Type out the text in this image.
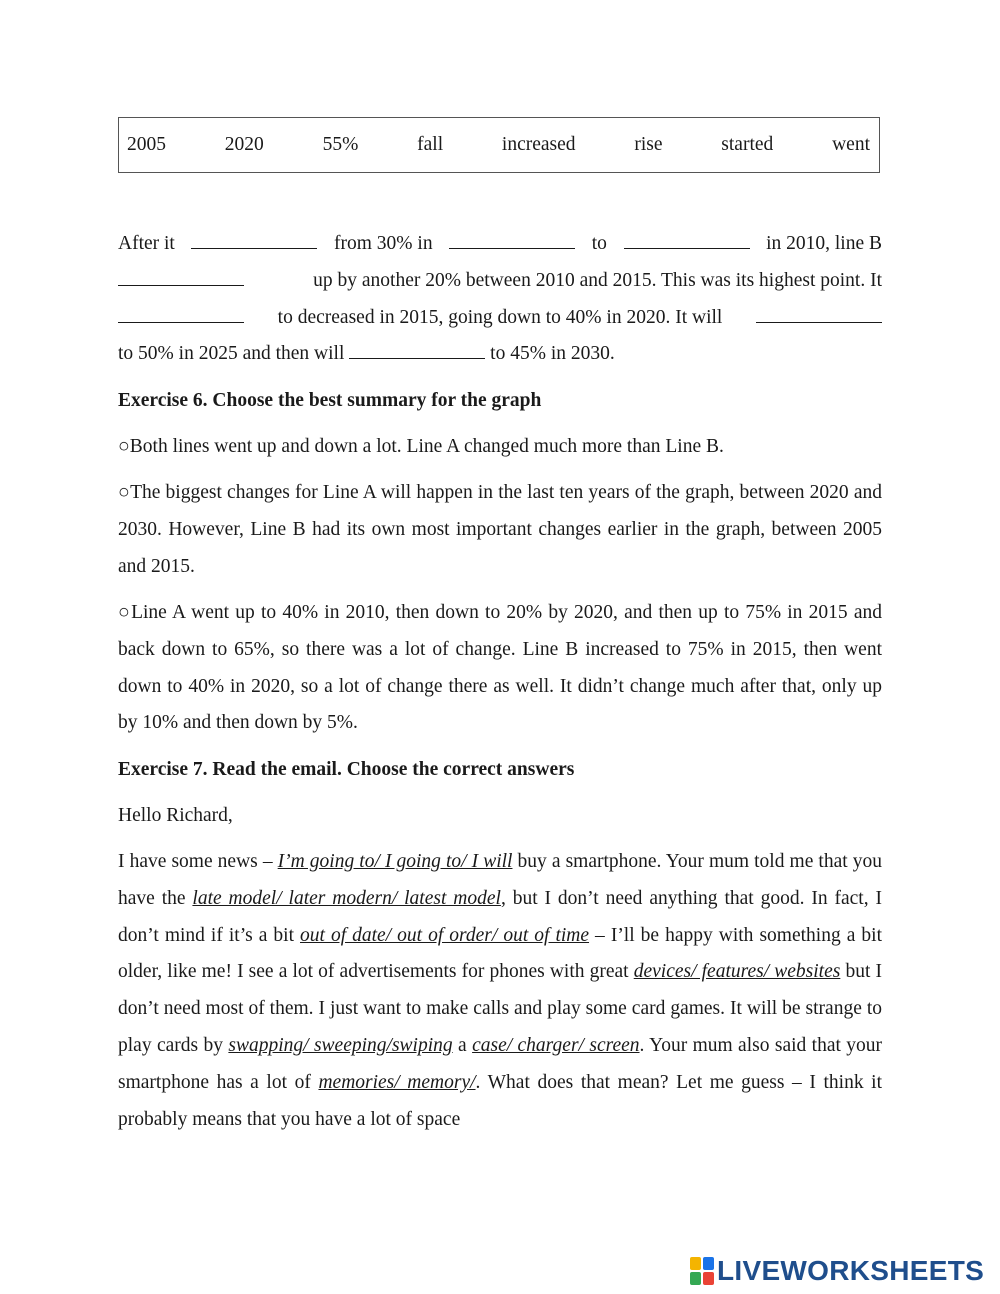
2005	2020	55%	fall	increased	rise	started	went
After it	from 30% in	to	in 2010, line B
up by another 20% between 2010 and 2015. This was its highest point. It
to decreased in 2015, going down to 40% in 2020. It will
to 50% in 2025 and then will

	to 45% in 2030.

Exercise 6. Choose the best summary for the graph

○Both lines went up and down a lot. Line A changed much more than Line B.

○The biggest changes for Line A will happen in the last ten years of the graph, between 2020 and 2030. However, Line B had its own most important changes earlier in the graph, between 2005 and 2015.

○Line A went up to 40% in 2010, then down to 20% by 2020, and then up to 75% in 2015 and back down to 65%, so there was a lot of change. Line B increased to 75% in 2015, then went down to 40% in 2020, so a lot of change there as well. It didn’t change much after that, only up by 10% and then down by 5%.

Exercise 7. Read the email. Choose the correct answers

Hello Richard,

I have some news – I’m going to/ I going to/ I will buy a smartphone. Your mum told me that you have the late model/ later modern/ latest model, but I don’t need anything that good. In fact, I don’t mind if it’s a bit out of date/ out of order/ out of time – I’ll be happy with something a bit older, like me! I see a lot of advertisements for phones with great devices/ features/ websites but I don’t need most of them. I just want to make calls and play some card games. It will be strange to play cards by swapping/ sweeping/swiping a case/ charger/ screen. Your mum also said that your smartphone has a lot of memories/ memory/. What does that mean? Let me guess – I think it probably means that you have a lot of space

LIVEWORKSHEETS
